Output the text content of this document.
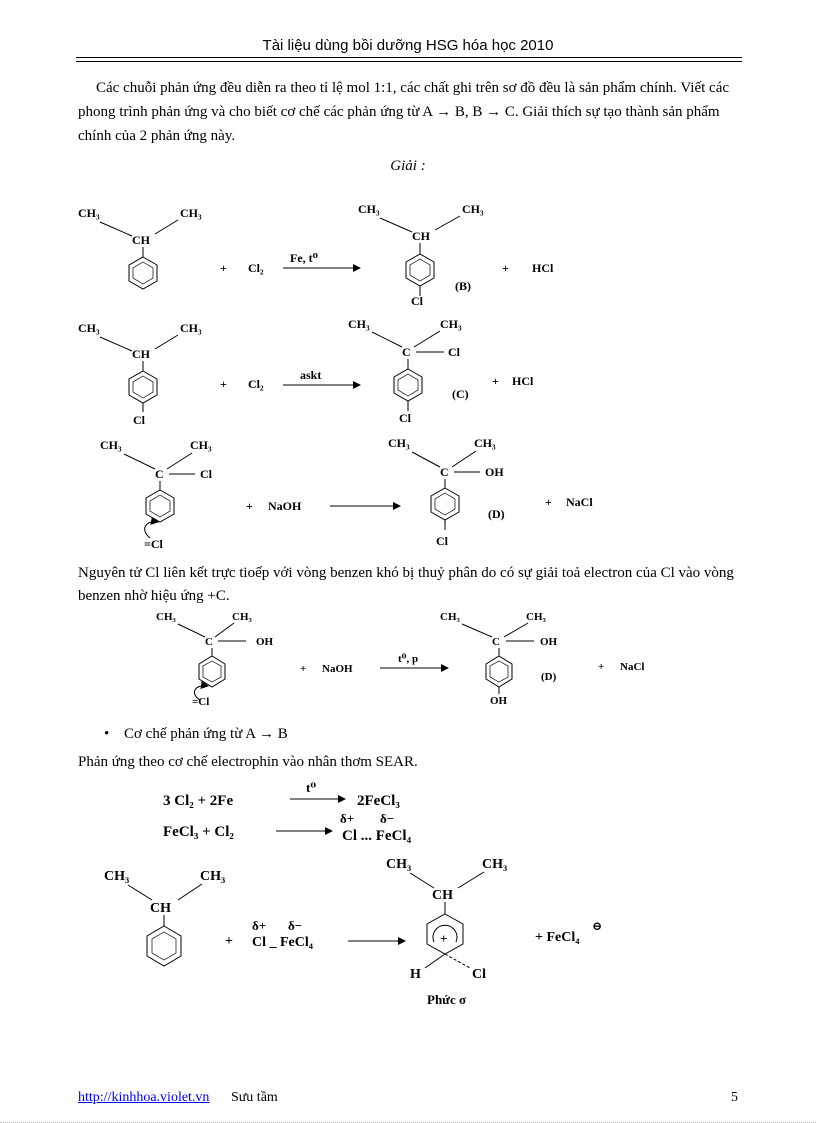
Tài liệu dùng bồi dưỡng HSG hóa học 2010
Các chuỗi phản ứng đều diễn ra theo tỉ lệ mol 1:1, các chất ghi trên sơ đồ đều là sản phẩm chính. Viết các phong trình phản ứng và cho biết cơ chế các phản ứng từ A → B, B → C. Giải thích sự tạo thành sản phẩm chính của 2 phản ứng này.
Giải :
CH₃	CH₃
CH
+ Cl₂
Fe, t⁰
CH₃	CH₃
CH
Cl
(B)
+ HCl
CH₃	CH₃
CH
Cl
+ Cl₂
askt
CH₃	CH₃
C	Cl
Cl
(C)
+ HCl
CH₃	CH₃
C	Cl
=Cl
+ NaOH
CH₃	CH₃
C	OH
Cl
(D)
+ NaCl
CH₃	CH₃
C	OH
=Cl
+ NaOH
t⁰, p
CH₃	CH₃
C	OH
OH
(D)
+ NaCl
3 Cl₂ + 2Fe
t⁰
2FeCl₃
FeCl₃ + Cl₂
δ+ δ−
Cl ... FeCl₄
CH₃	CH₃
CH
+
δ+ δ−
Cl _ FeCl₄
CH₃	CH₃
CH
+
H	Cl
Phức σ
+ FeCl₄
⊖
Nguyên tử Cl liên kết trực tioếp với vòng benzen khó bị thuỷ phân do có sự giải toả electron của Cl vào vòng benzen nhờ hiệu ứng +C.
• Cơ chế phản ứng từ A → B
Phản ứng theo cơ chế electrophin vào nhân thơm SEAR.
http://kinhhoa.violet.vn Sưu tầm	5
